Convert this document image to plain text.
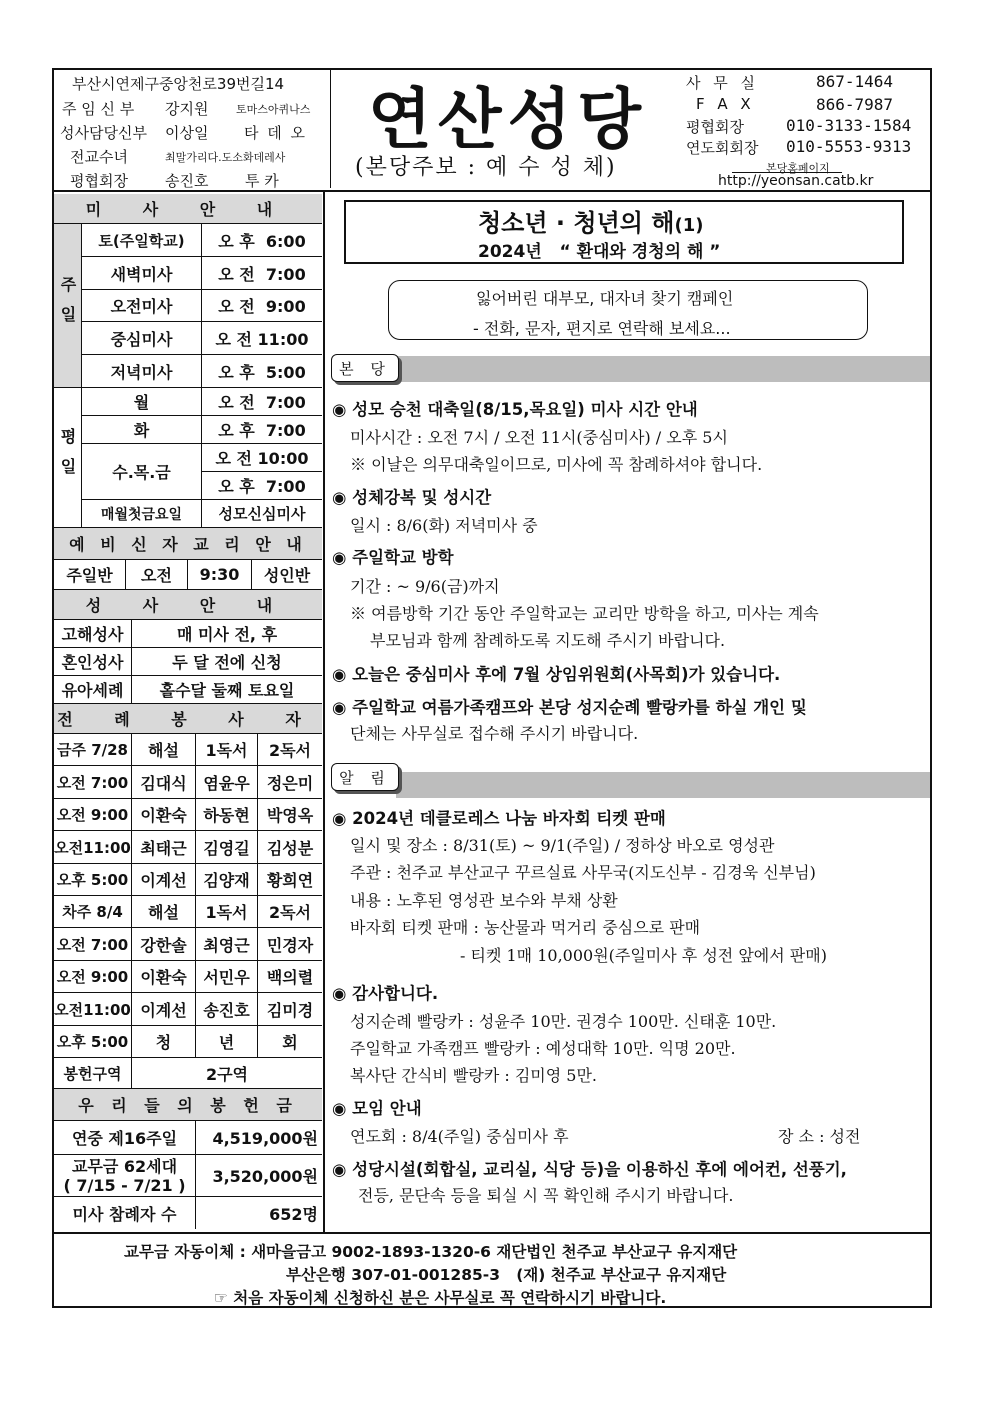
부산시연제구중앙천로39번길14
주 임 신 부 강지원	토마스아퀴나스
성사담당신부 이상일 타 데 오
전교수녀	최말가리다.도소화데레사
평협회장 송진호 투 카
연산성당
(본당주보 : 예 수 성 체)
사 무 실	867-1464
F A X	866-7987
평협회장	010-3133-1584
연도회회장 010-5553-9313
본당홈페이지
http://yeonsan.catb.kr
미 사 안 내
주일
토(주일학교)	오 후  6:00
새벽미사	오 전  7:00
오전미사	오 전  9:00
중심미사	오 전 11:00
저녁미사	오 후  5:00
평일
월	오 전  7:00
화	오 후  7:00
수.목.금
오 전 10:00
오 후  7:00
매월첫금요일	성모신심미사
예 비 신 자 교 리 안 내
주일반	오전	9:30	성인반
성 사 안 내
고해성사	매 미사 전, 후
혼인성사	두 달 전에 신청
유아세례	홀수달 둘째 토요일
전 례 봉 사 자
금주 7/28	해설	1독서	2독서
오전 7:00 김대식	염윤우	정은미
오전 9:00 이환숙	하동현	박영옥
오전11:00 최태근	김영길	김성분
오후 5:00 이계선	김양재	황희연
차주 8/4	해설	1독서	2독서
오전 7:00 강한솔	최영근	민경자
오전 9:00 이환숙	서민우	백의렬
오전11:00 이계선	송진호	김미경
오후 5:00	청	년	회
봉헌구역	2구역
우 리 들 의 봉 헌 금
연중 제16주일	4,519,000원
교무금 62세대
( 7/15 - 7/21 )	3,520,000원
미사 참례자 수	652명
청소년 · 청년의 해(1)
2024년   “ 환대와 경청의 해 ”
잃어버린 대부모, 대자녀 찾기 캠페인
- 전화, 문자, 편지로 연락해 보세요...
본 당
◉ 성모 승천 대축일(8/15,목요일) 미사 시간 안내
미사시간 : 오전 7시 / 오전 11시(중심미사) / 오후 5시
※ 이날은 의무대축일이므로, 미사에 꼭 참례하셔야 합니다.
◉ 성체강복 및 성시간
일시 : 8/6(화) 저녁미사 중
◉ 주일학교 방학
기간 : ~ 9/6(금)까지
※ 여름방학 기간 동안 주일학교는 교리만 방학을 하고, 미사는 계속
부모님과 함께 참례하도록 지도해 주시기 바랍니다.
◉ 오늘은 중심미사 후에 7월 상임위원회(사목회)가 있습니다.
◉ 주일학교 여름가족캠프와 본당 성지순례 빨랑카를 하실 개인 및
단체는 사무실로 접수해 주시기 바랍니다.
알 림
◉ 2024년 데클로레스 나눔 바자회 티켓 판매
일시 및 장소 : 8/31(토) ~ 9/1(주일) / 정하상 바오로 영성관
주관 : 천주교 부산교구 꾸르실료 사무국(지도신부 - 김경욱 신부님)
내용 : 노후된 영성관 보수와 부채 상환
바자회 티켓 판매 : 농산물과 먹거리 중심으로 판매
- 티켓 1매 10,000원(주일미사 후 성전 앞에서 판매)
◉ 감사합니다.
성지순례 빨랑카 : 성윤주 10만. 권경수 100만. 신태훈 10만.
주일학교 가족캠프 빨랑카 : 예성대학 10만. 익명 20만.
복사단 간식비 빨랑카 : 김미영 5만.
◉ 모임 안내
연도회 : 8/4(주일) 중심미사 후	장 소 : 성전
◉ 성당시설(회합실, 교리실, 식당 등)을 이용하신 후에 에어컨, 선풍기,
전등, 문단속 등을 퇴실 시 꼭 확인해 주시기 바랍니다.
교무금 자동이체 : 새마을금고 9002-1893-1320-6 재단법인 천주교 부산교구 유지재단
부산은행 307-01-001285-3   (재) 천주교 부산교구 유지재단
☞ 처음 자동이체 신청하신 분은 사무실로 꼭 연락하시기 바랍니다.
